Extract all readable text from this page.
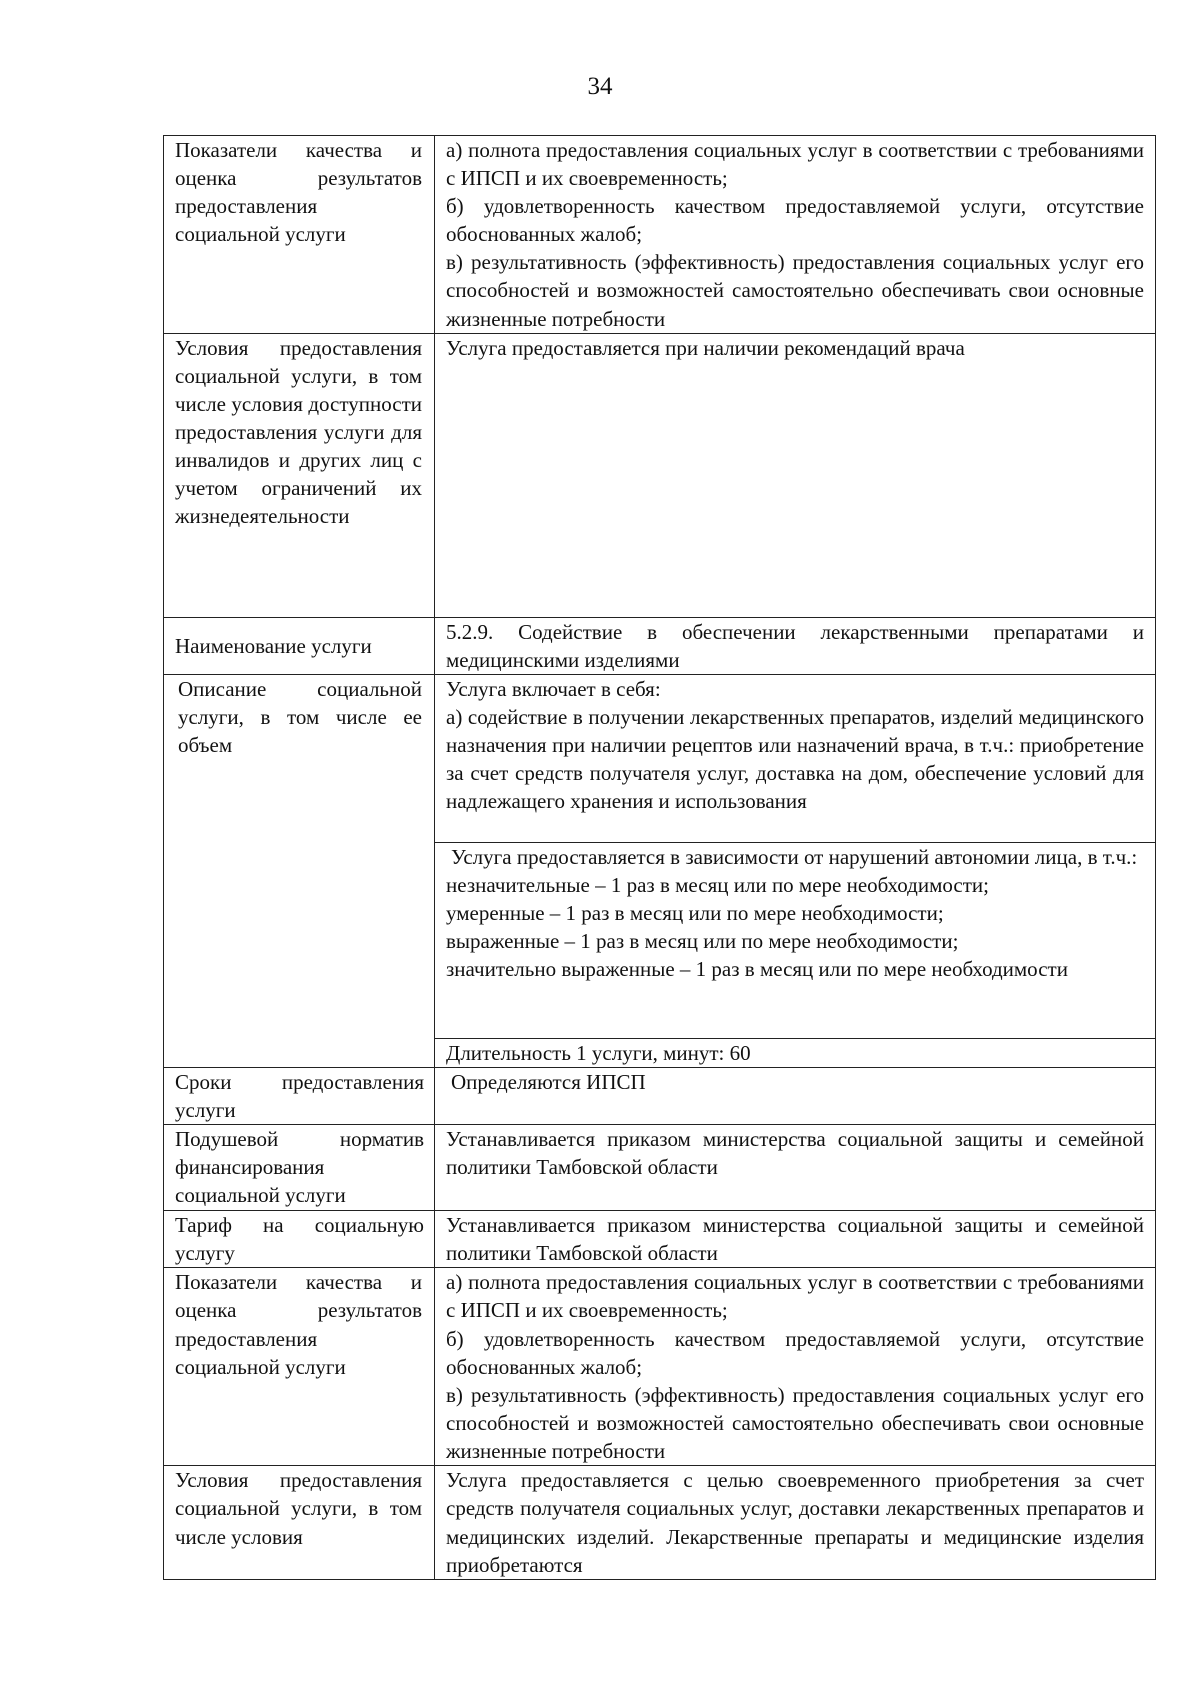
34
Показатели качества и оценка результатов предоставления социальной услуги	а) полнота предоставления социальных услуг в соответствии с требованиями с ИПСП и их своевременность;
б) удовлетворенность качеством предоставляемой услуги, отсутствие обоснованных жалоб;
в) результативность (эффективность) предоставления социальных услуг его способностей и возможностей самостоятельно обеспечивать свои основные жизненные потребности

Условия предоставления социальной услуги, в том числе условия доступности предоставления услуги для инвалидов и других лиц с учетом ограничений их жизнедеятельности	Услуга предоставляется при наличии рекомендаций врача

Наименование услуги	5.2.9. Содействие в обеспечении лекарственными препаратами и медицинскими изделиями

Описание социальной услуги, в том числе ее объем	Услуга включает в себя:
а) содействие в получении лекарственных препаратов, изделий медицинского назначения при наличии рецептов или назначений врача, в т.ч.: приобретение за счет средств получателя услуг, доставка на дом, обеспечение условий для надлежащего хранения и использования

	Услуга предоставляется в зависимости от нарушений автономии лица, в т.ч.:
незначительные – 1 раз в месяц или по мере необходимости;
умеренные – 1 раз в месяц или по мере необходимости;
выраженные – 1 раз в месяц или по мере необходимости;
значительно выраженные – 1 раз в месяц или по мере необходимости

	Длительность 1 услуги, минут: 60

Сроки предоставления услуги	Определяются ИПСП

Подушевой норматив финансирования социальной услуги	Устанавливается приказом министерства социальной защиты и семейной политики Тамбовской области

Тариф на социальную услугу	Устанавливается приказом министерства социальной защиты и семейной политики Тамбовской области

Показатели качества и оценка результатов предоставления социальной услуги	а) полнота предоставления социальных услуг в соответствии с требованиями с ИПСП и их своевременность;
б) удовлетворенность качеством предоставляемой услуги, отсутствие обоснованных жалоб;
в) результативность (эффективность) предоставления социальных услуг его способностей и возможностей самостоятельно обеспечивать свои основные жизненные потребности

Условия предоставления социальной услуги, в том числе условия	Услуга предоставляется с целью своевременного приобретения за счет средств получателя социальных услуг, доставки лекарственных препаратов и медицинских изделий. Лекарственные препараты и медицинские изделия приобретаются
